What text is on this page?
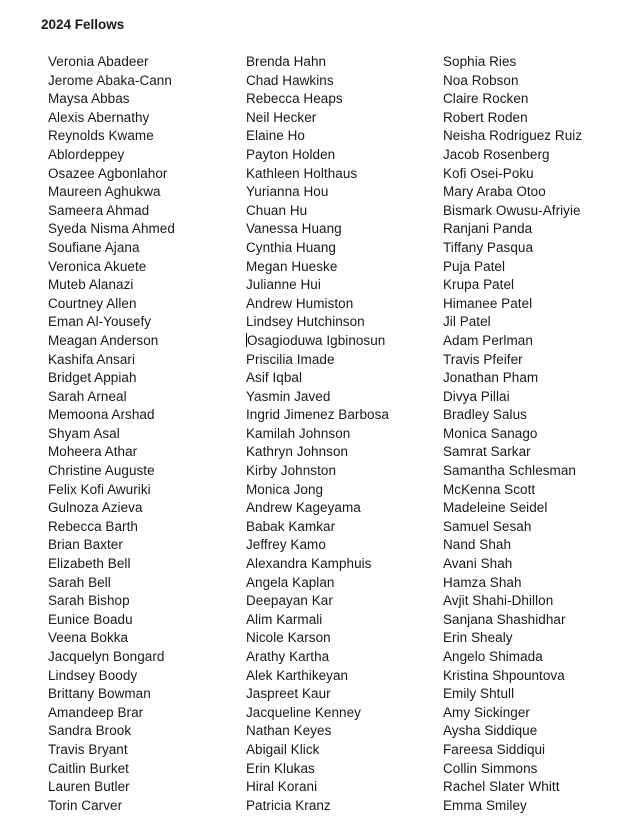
2024 Fellows
Veronia Abadeer
Jerome Abaka-Cann
Maysa Abbas
Alexis Abernathy
Reynolds Kwame
Ablordeppey
Osazee Agbonlahor
Maureen Aghukwa
Sameera Ahmad
Syeda Nisma Ahmed
Soufiane Ajana
Veronica Akuete
Muteb Alanazi
Courtney Allen
Eman Al-Yousefy
Meagan Anderson
Kashifa Ansari
Bridget Appiah
Sarah Arneal
Memoona Arshad
Shyam Asal
Moheera Athar
Christine Auguste
Felix Kofi Awuriki
Gulnoza Azieva
Rebecca Barth
Brian Baxter
Elizabeth Bell
Sarah Bell
Sarah Bishop
Eunice Boadu
Veena Bokka
Jacquelyn Bongard
Lindsey Boody
Brittany Bowman
Amandeep Brar
Sandra Brook
Travis Bryant
Caitlin Burket
Lauren Butler
Torin Carver
Brenda Hahn
Chad Hawkins
Rebecca Heaps
Neil Hecker
Elaine Ho
Payton Holden
Kathleen Holthaus
Yurianna Hou
Chuan Hu
Vanessa Huang
Cynthia Huang
Megan Hueske
Julianne Hui
Andrew Humiston
Lindsey Hutchinson
Osagioduwa Igbinosun
Priscilia Imade
Asif Iqbal
Yasmin Javed
Ingrid Jimenez Barbosa
Kamilah Johnson
Kathryn Johnson
Kirby Johnston
Monica Jong
Andrew Kageyama
Babak Kamkar
Jeffrey Kamo
Alexandra Kamphuis
Angela Kaplan
Deepayan Kar
Alim Karmali
Nicole Karson
Arathy Kartha
Alek Karthikeyan
Jaspreet Kaur
Jacqueline Kenney
Nathan Keyes
Abigail Klick
Erin Klukas
Hiral Korani
Patricia Kranz
Sophia Ries
Noa Robson
Claire Rocken
Robert Roden
Neisha Rodriguez Ruiz
Jacob Rosenberg
Kofi Osei-Poku
Mary Araba Otoo
Bismark Owusu-Afriyie
Ranjani Panda
Tiffany Pasqua
Puja Patel
Krupa Patel
Himanee Patel
Jil Patel
Adam Perlman
Travis Pfeifer
Jonathan Pham
Divya Pillai
Bradley Salus
Monica Sanago
Samrat Sarkar
Samantha Schlesman
McKenna Scott
Madeleine Seidel
Samuel Sesah
Nand Shah
Avani Shah
Hamza Shah
Avjit Shahi-Dhillon
Sanjana Shashidhar
Erin Shealy
Angelo Shimada
Kristina Shpountova
Emily Shtull
Amy Sickinger
Aysha Siddique
Fareesa Siddiqui
Collin Simmons
Rachel Slater Whitt
Emma Smiley
